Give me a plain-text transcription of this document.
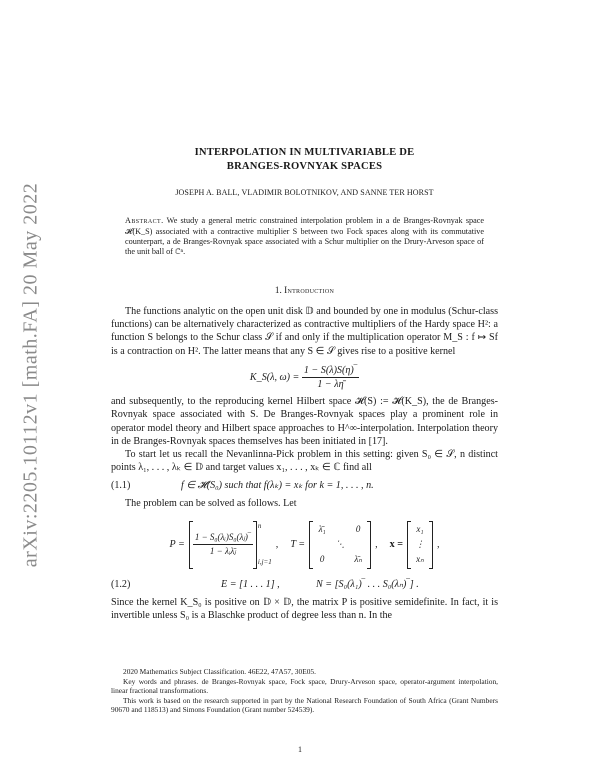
arXiv:2205.10112v1 [math.FA] 20 May 2022
INTERPOLATION IN MULTIVARIABLE DE
BRANGES-ROVNYAK SPACES
JOSEPH A. BALL, VLADIMIR BOLOTNIKOV, AND SANNE TER HORST
Abstract. We study a general metric constrained interpolation problem in a de Branges-Rovnyak space 𝓗(K_S) associated with a contractive multiplier S between two Fock spaces along with its commutative counterpart, a de Branges-Rovnyak space associated with a Schur multiplier on the Drury-Arveson space of the unit ball of ℂⁿ.
1. Introduction

The functions analytic on the open unit disk 𝔻 and bounded by one in modulus (Schur-class functions) can be alternatively characterized as contractive multipliers of the Hardy space H²: a function S belongs to the Schur class 𝒮 if and only if the multiplication operator M_S : f ↦ Sf is a contraction on H². The latter means that any S ∈ 𝒮 gives rise to a positive kernel

K_S(λ, $\omega) = \frac{1 - S(\lambda)S(\eta)‾}{1 - \lambda\etā}$

and subsequently, to the reproducing kernel Hilbert space 𝓗(S) := 𝓗(K_S), the de Branges-Rovnyak space associated with S. De Branges-Rovnyak spaces play a prominent role in operator model theory and Hilbert space approaches to H^∞-interpolation. Interpolation theory in de Branges-Rovnyak spaces themselves has been initiated in [17].

To start let us recall the Nevanlinna-Pick problem in this setting: given S₀ ∈ 𝒮, n distinct points λ₁, . . . , λₖ ∈ 𝔻 and target values x₁, . . . , xₖ ∈ ℂ find all

(1.1)	f ∈ 𝓗(S₀) such that f(λₖ) = xₖ for k = 1, . . . , n.

The problem can be solved as follows. Let

$P = \frac{\text{1 − S₀(λᵢ)S₀(λⱼ)‾}}{\text{1 − λᵢλ̄ⱼ}}$
n
i,j=1
, T =
λ̄₁	0
⋱
0	λ̄ₙ
, x =
x₁
⋮
xₙ
,
(1.2)	E = [1 . . . 1] ,	N = [S₀(λ₁)‾ . . . S₀(λₙ)‾] .

Since the kernel K_S₀ is positive on 𝔻 × 𝔻, the matrix P is positive semidefinite. In fact, it is invertible unless S₀ is a Blaschke product of degree less than n. In the

2020 Mathematics Subject Classification. 46E22, 47A57, 30E05.

Key words and phrases. de Branges-Rovnyak space, Fock space, Drury-Arveson space, operator-argument interpolation, linear fractional transformations.

This work is based on the research supported in part by the National Research Foundation of South Africa (Grant Numbers 90670 and 118513) and Simons Foundation (Grant number 524539).

1
